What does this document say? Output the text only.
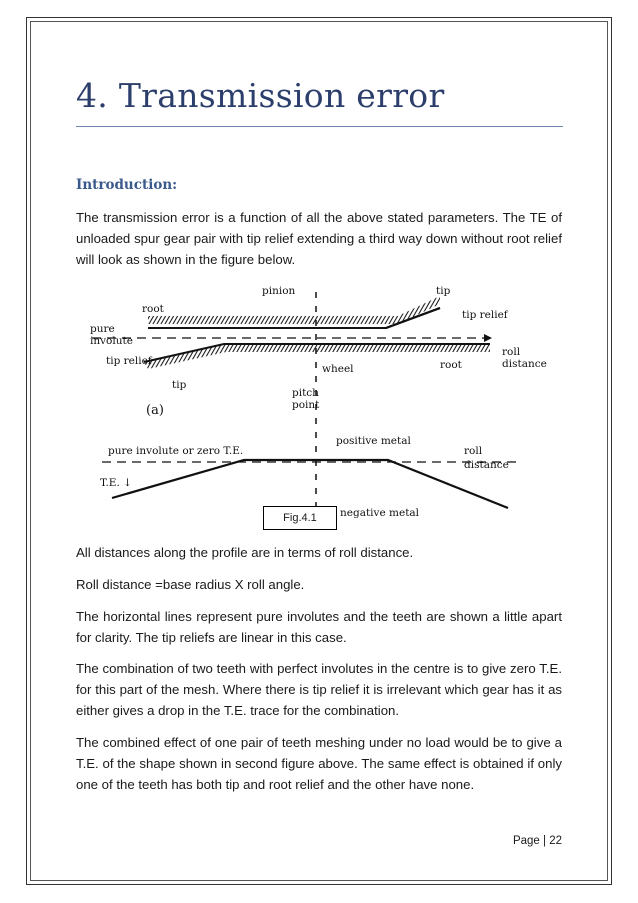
4. Transmission error
Introduction:

The transmission error is a function of all the above stated parameters. The TE of unloaded spur gear pair with tip relief extending a third way down without root relief will look as shown in the figure below.

pinion	tip
root	tip relief
pure
involute
tip relief
roll
distance
root
wheel
tip
(a)
pitch
point
pure involute or zero T.E.
positive metal
roll
distance
T.E. ↓
negative metal
Fig.4.1

All distances along the profile are in terms of roll distance.

Roll distance =base radius X roll angle.

The horizontal lines represent pure involutes and the teeth are shown a little apart for clarity. The tip reliefs are linear in this case.

The combination of two teeth with perfect involutes in the centre is to give zero T.E. for this part of the mesh. Where there is tip relief it is irrelevant which gear has it as either gives a drop in the T.E. trace for the combination.

The combined effect of one pair of teeth meshing under no load would be to give a T.E. of the shape shown in second figure above. The same effect is obtained if only one of the teeth has both tip and root relief and the other have none.

Page | 22
